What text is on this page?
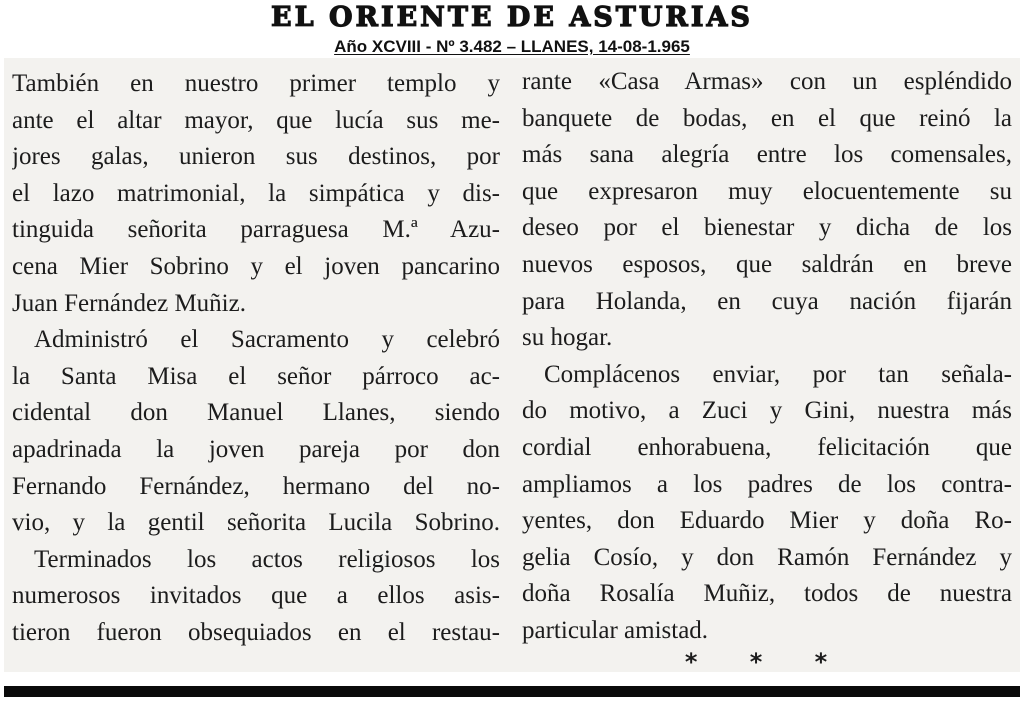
EL ORIENTE DE ASTURIAS
Año XCVIII - Nº 3.482 – LLANES, 14-08-1.965
También en nuestro primer templo y
ante el altar mayor, que lucía sus me-
jores galas, unieron sus destinos, por
el lazo matrimonial, la simpática y dis-
tinguida señorita parraguesa M.ª Azu-
cena Mier Sobrino y el joven pancarino
Juan Fernández Muñiz.
Administró el Sacramento y celebró
la Santa Misa el señor párroco ac-
cidental don Manuel Llanes, siendo
apadrinada la joven pareja por don
Fernando Fernández, hermano del no-
vio, y la gentil señorita Lucila Sobrino.
Terminados los actos religiosos los
numerosos invitados que a ellos asis-
tieron fueron obsequiados en el restau-
rante «Casa Armas» con un espléndido
banquete de bodas, en el que reinó la
más sana alegría entre los comensales,
que expresaron muy elocuentemente su
deseo por el bienestar y dicha de los
nuevos esposos, que saldrán en breve
para Holanda, en cuya nación fijarán
su hogar.
Complácenos enviar, por tan señala-
do motivo, a Zuci y Gini, nuestra más
cordial enhorabuena, felicitación que
ampliamos a los padres de los contra-
yentes, don Eduardo Mier y doña Ro-
gelia Cosío, y don Ramón Fernández y
doña Rosalía Muñiz, todos de nuestra
particular amistad.
* * *
